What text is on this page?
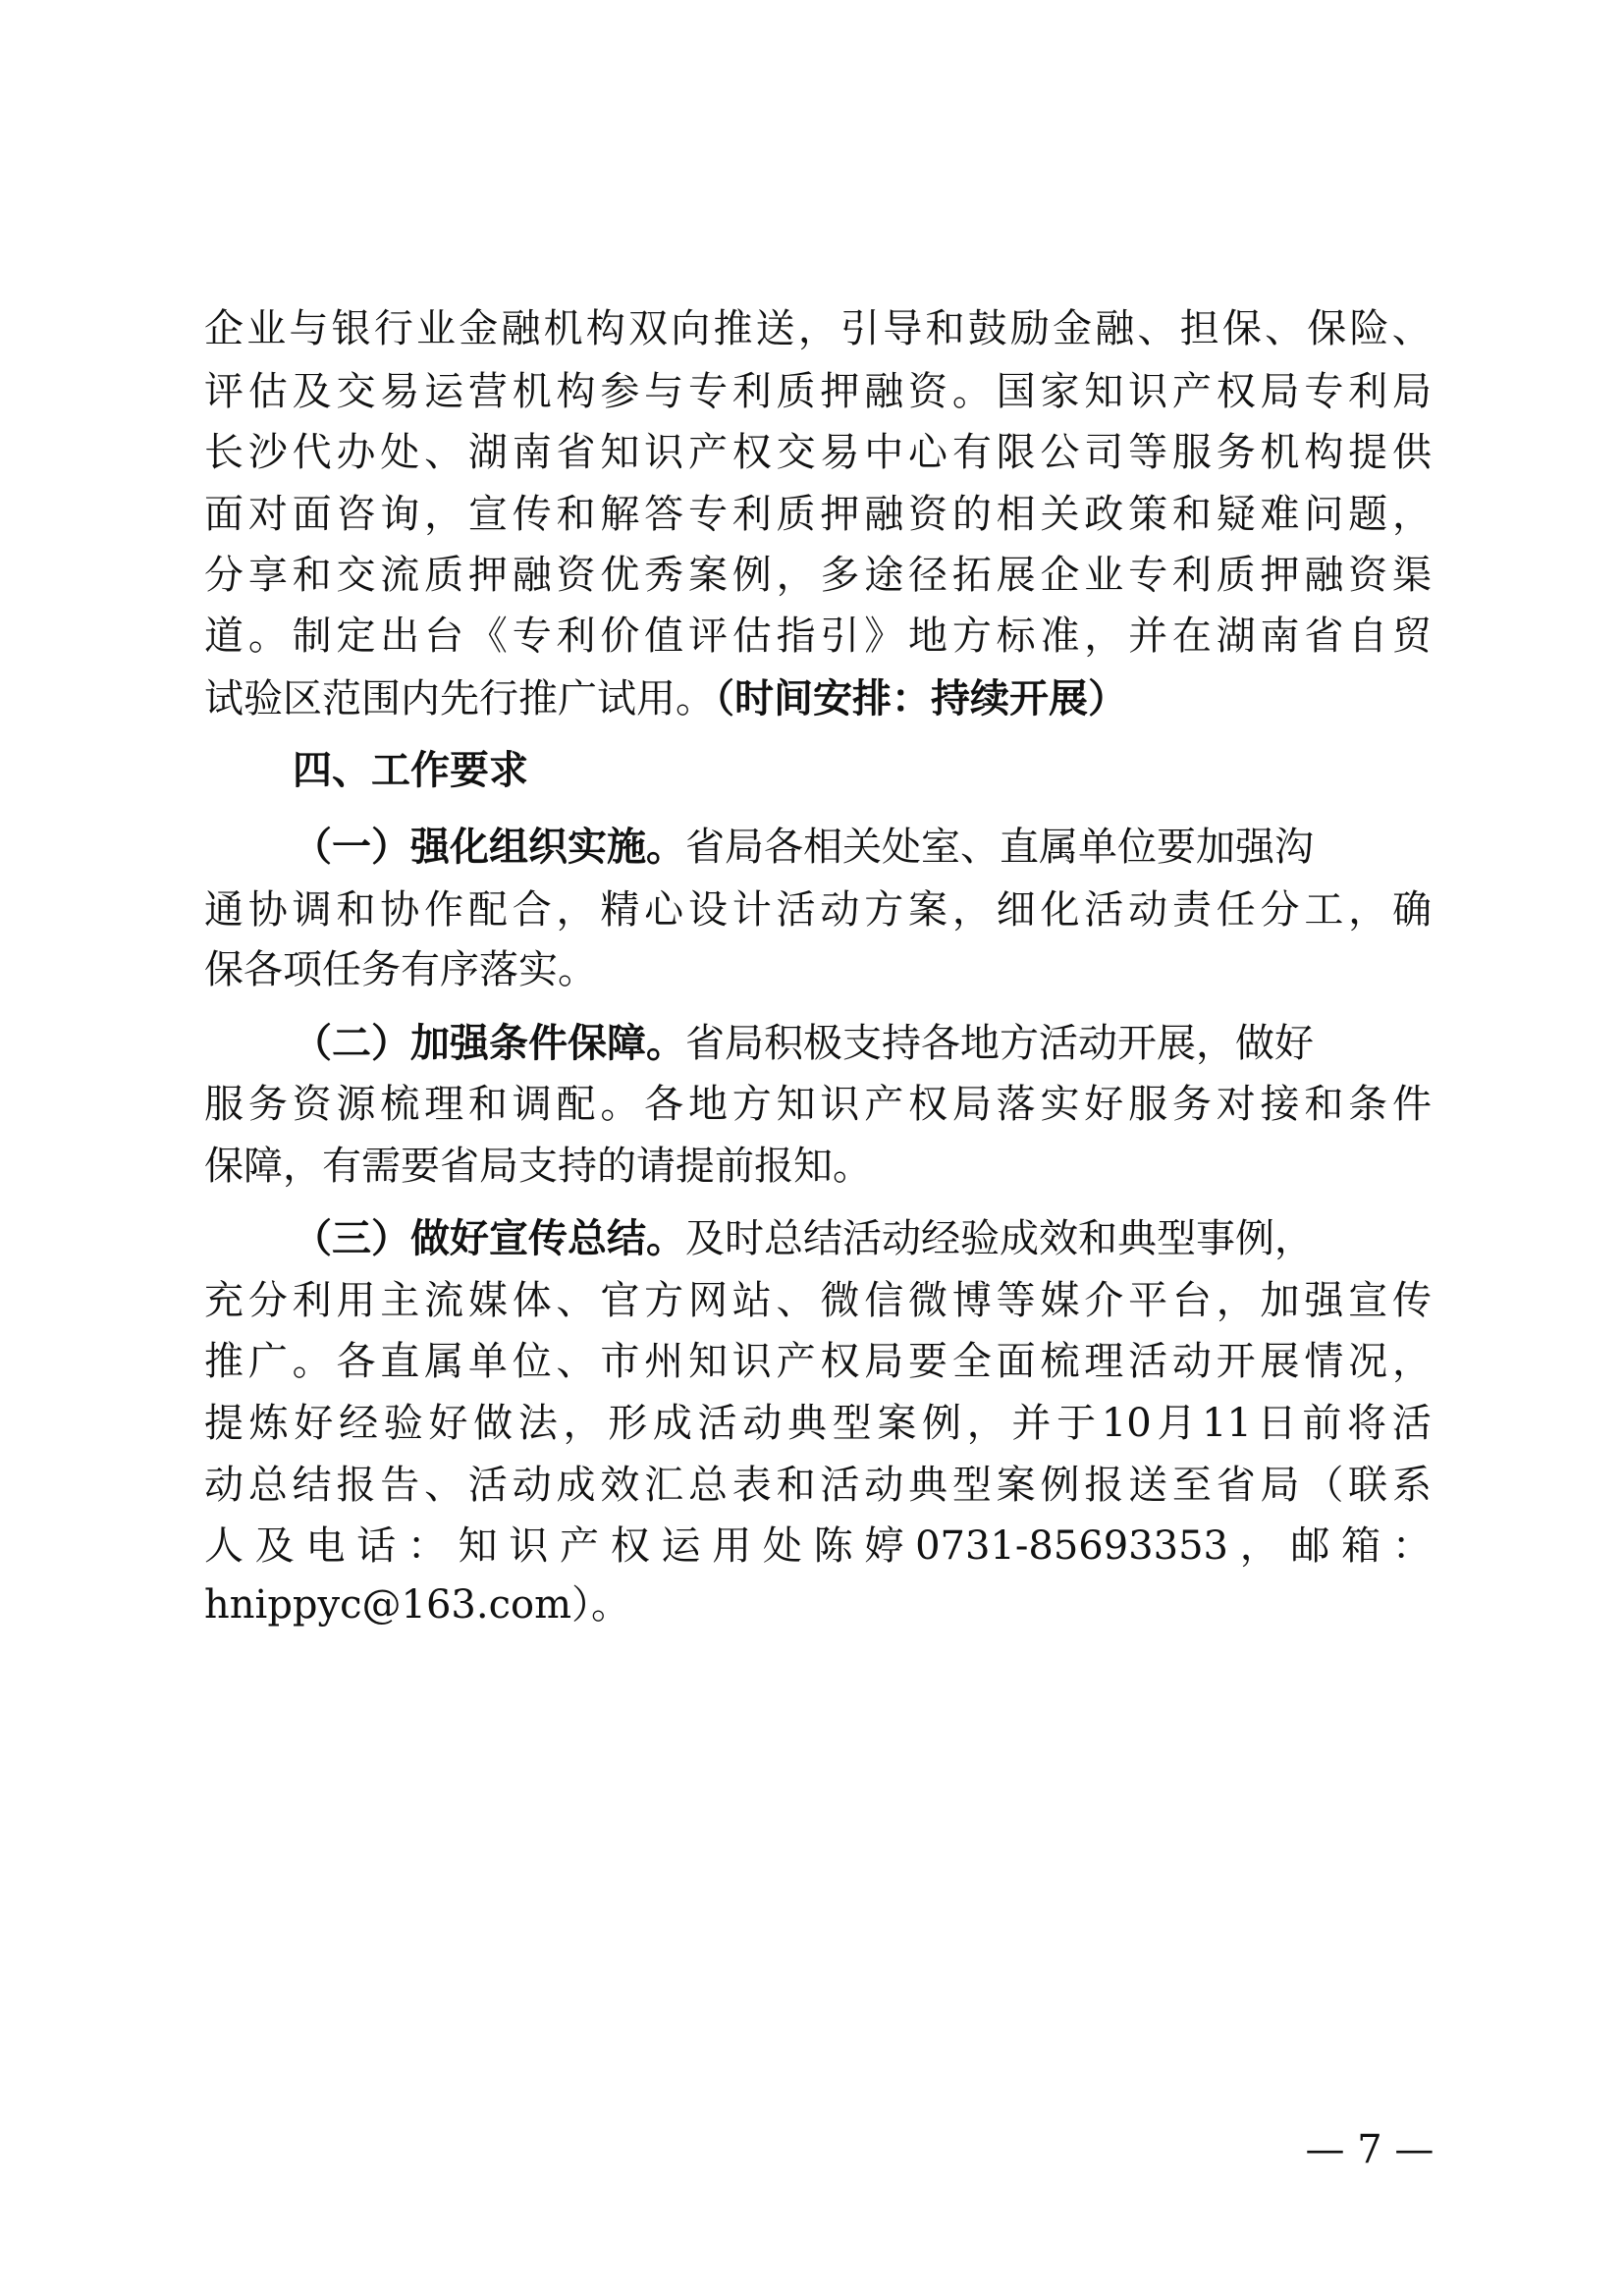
企 业 与 银 行 业 金 融 机 构 双 向 推 送 ， 引 导 和 鼓 励 金 融 、 担 保 、 保 险 、
评 估 及 交 易 运 营 机 构 参 与 专 利 质 押 融 资 。 国 家 知 识 产 权 局 专 利 局
长 沙 代 办 处 、 湖 南 省 知 识 产 权 交 易 中 心 有 限 公 司 等 服 务 机 构 提 供
面 对 面 咨 询 ， 宣 传 和 解 答 专 利 质 押 融 资 的 相 关 政 策 和 疑 难 问 题 ，
分 享 和 交 流 质 押 融 资 优 秀 案 例 ， 多 途 径 拓 展 企 业 专 利 质 押 融 资 渠
道 。 制 定 出 台 《 专 利 价 值 评 估 指 引 》 地 方 标 准 ， 并 在 湖 南 省 自 贸
试验区范围内先行推广试用。（时间安排：持续开展）
四、工作要求
（一）强化组织实施。省局各相关处室、直属单位要加强沟
通 协 调 和 协 作 配 合 ， 精 心 设 计 活 动 方 案 ， 细 化 活 动 责 任 分 工 ， 确
保各项任务有序落实。
（二）加强条件保障。省局积极支持各地方活动开展，做好
服 务 资 源 梳 理 和 调 配 。 各 地 方 知 识 产 权 局 落 实 好 服 务 对 接 和 条 件
保障，有需要省局支持的请提前报知。
（三）做好宣传总结。及时总结活动经验成效和典型事例，
充 分 利 用 主 流 媒 体 、 官 方 网 站 、 微 信 微 博 等 媒 介 平 台 ， 加 强 宣 传
推 广 。 各 直 属 单 位 、 市 州 知 识 产 权 局 要 全 面 梳 理 活 动 开 展 情 况 ，
提 炼 好 经 验 好 做 法 ， 形 成 活 动 典 型 案 例 ， 并 于 10 月 11 日 前 将 活
动 总 结 报 告 、 活 动 成 效 汇 总 表 和 活 动 典 型 案 例 报 送 至 省 局 （ 联 系
人 及 电 话 ： 知 识 产 权 运 用 处 陈 婷 0731-85693353 ， 邮 箱 ：
hnippyc@163.com）。
— 7 —
